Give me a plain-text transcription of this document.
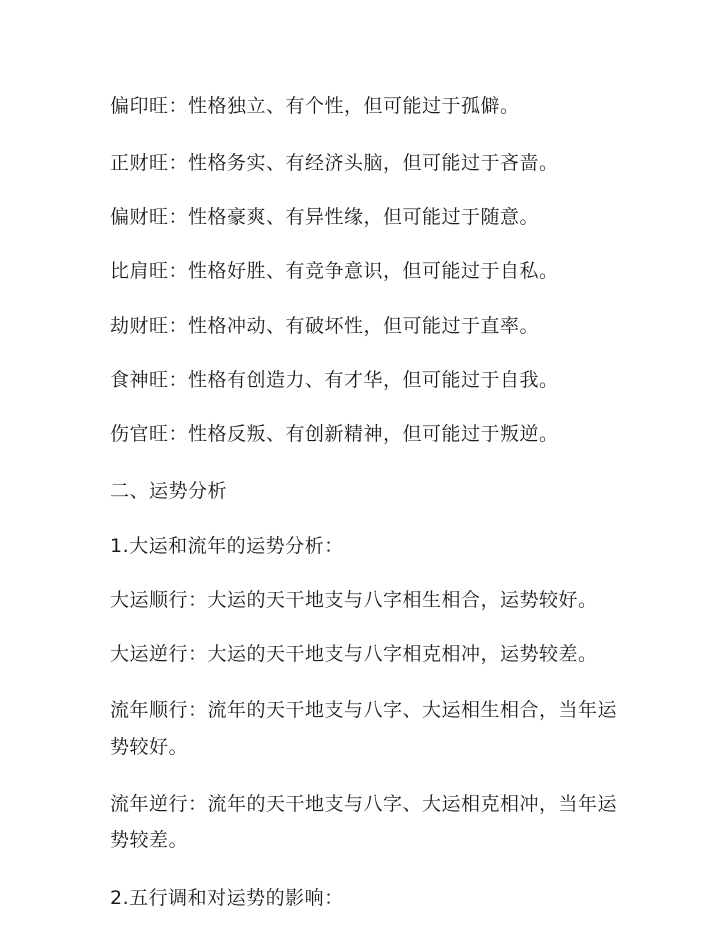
偏印旺：性格独立、有个性，但可能过于孤僻。

正财旺：性格务实、有经济头脑，但可能过于吝啬。

偏财旺：性格豪爽、有异性缘，但可能过于随意。

比肩旺：性格好胜、有竞争意识，但可能过于自私。

劫财旺：性格冲动、有破坏性，但可能过于直率。

食神旺：性格有创造力、有才华，但可能过于自我。

伤官旺：性格反叛、有创新精神，但可能过于叛逆。

二、运势分析

1.大运和流年的运势分析：

大运顺行：大运的天干地支与八字相生相合，运势较好。

大运逆行：大运的天干地支与八字相克相冲，运势较差。

流年顺行：流年的天干地支与八字、大运相生相合，当年运

势较好。

流年逆行：流年的天干地支与八字、大运相克相冲，当年运

势较差。

2.五行调和对运势的影响：
